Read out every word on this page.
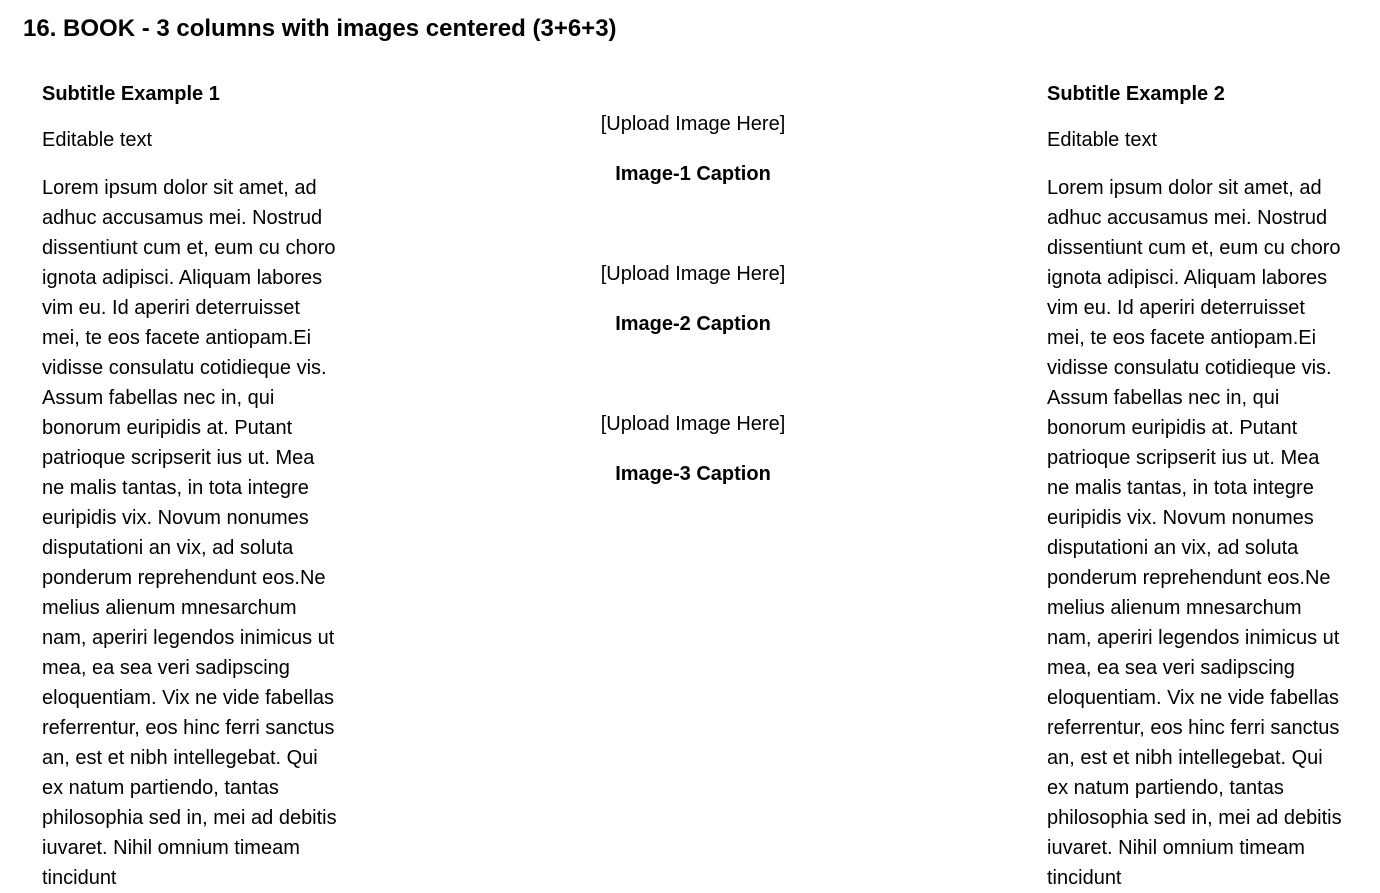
16. BOOK - 3 columns with images centered (3+6+3)

Subtitle Example 1

Editable text

Lorem ipsum dolor sit amet, ad adhuc accusamus mei. Nostrud dissentiunt cum et, eum cu choro ignota adipisci. Aliquam labores vim eu. Id aperiri deterruisset mei, te eos facete antiopam.Ei vidisse consulatu cotidieque vis. Assum fabellas nec in, qui bonorum euripidis at. Putant patrioque scripserit ius ut. Mea ne malis tantas, in tota integre euripidis vix. Novum nonumes disputationi an vix, ad soluta ponderum reprehendunt eos.Ne melius alienum mnesarchum nam, aperiri legendos inimicus ut mea, ea sea veri sadipscing eloquentiam. Vix ne vide fabellas referrentur, eos hinc ferri sanctus an, est et nibh intellegebat. Qui ex natum partiendo, tantas philosophia sed in, mei ad debitis iuvaret. Nihil omnium timeam tincidunt

[Upload Image Here]
Image-1 Caption
[Upload Image Here]
Image-2 Caption
[Upload Image Here]
Image-3 Caption

Subtitle Example 2

Editable text

Lorem ipsum dolor sit amet, ad adhuc accusamus mei. Nostrud dissentiunt cum et, eum cu choro ignota adipisci. Aliquam labores vim eu. Id aperiri deterruisset mei, te eos facete antiopam.Ei vidisse consulatu cotidieque vis. Assum fabellas nec in, qui bonorum euripidis at. Putant patrioque scripserit ius ut. Mea ne malis tantas, in tota integre euripidis vix. Novum nonumes disputationi an vix, ad soluta ponderum reprehendunt eos.Ne melius alienum mnesarchum nam, aperiri legendos inimicus ut mea, ea sea veri sadipscing eloquentiam. Vix ne vide fabellas referrentur, eos hinc ferri sanctus an, est et nibh intellegebat. Qui ex natum partiendo, tantas philosophia sed in, mei ad debitis iuvaret. Nihil omnium timeam tincidunt
